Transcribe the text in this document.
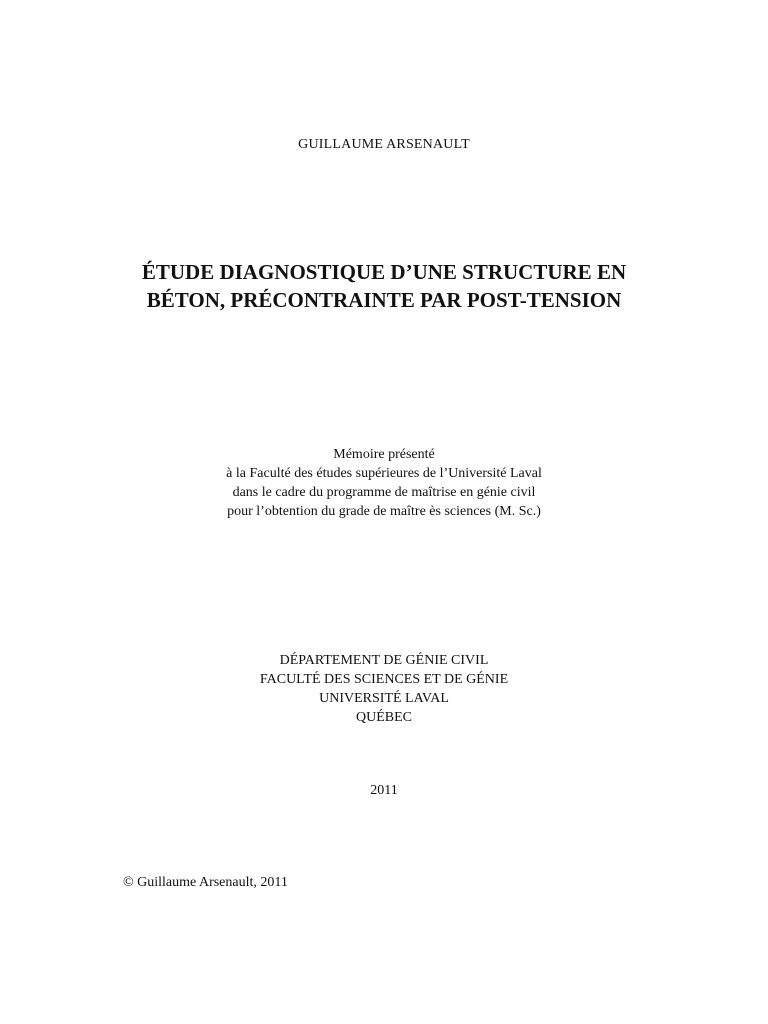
GUILLAUME ARSENAULT
ÉTUDE DIAGNOSTIQUE D’UNE STRUCTURE EN
BÉTON, PRÉCONTRAINTE PAR POST-TENSION
Mémoire présenté
à la Faculté des études supérieures de l’Université Laval
dans le cadre du programme de maîtrise en génie civil
pour l’obtention du grade de maître ès sciences (M. Sc.)
DÉPARTEMENT DE GÉNIE CIVIL
FACULTÉ DES SCIENCES ET DE GÉNIE
UNIVERSITÉ LAVAL
QUÉBEC
2011
© Guillaume Arsenault, 2011
